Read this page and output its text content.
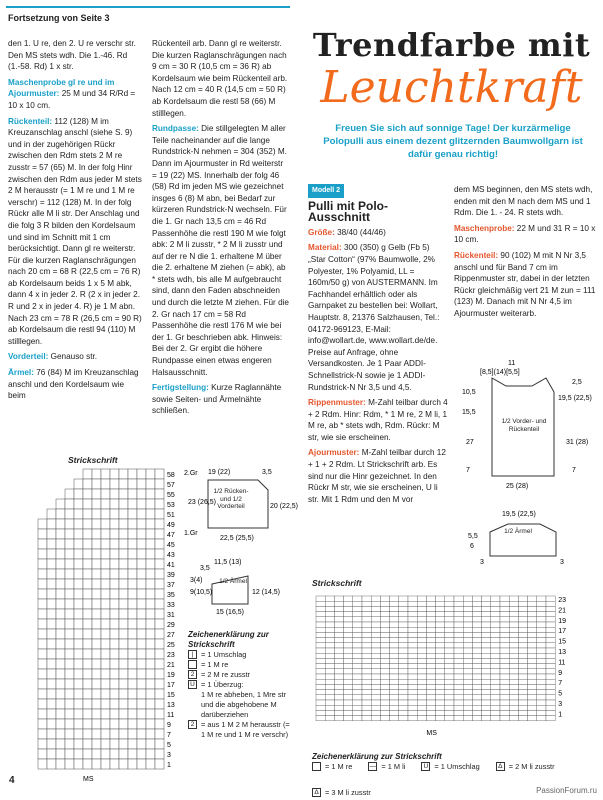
Fortsetzung von Seite 3

den 1. U re, den 2. U re verschr str. Den MS stets wdh. Die 1.-46. Rd (1.-58. Rd) 1 x str.

Maschenprobe gl re und im Ajourmuster: 25 M und 34 R/Rd = 10 x 10 cm.

Rückenteil: 112 (128) M im Kreuzanschlag anschl (siehe S. 9) und in der zugehörigen Rückr zwischen den Rdm stets 2 M re zusstr = 57 (65) M. In der folg Hinr zwischen den Rdm aus jeder M stets 2 M herausstr (= 1 M re und 1 M re verschr) = 112 (128) M. In der folg Rückr alle M li str. Der Anschlag und die folg 3 R bilden den Kordelsaum und sind im Schnitt mit 1 cm berücksichtigt. Dann gl re weiterstr. Für die kurzen Raglanschrägungen nach 20 cm = 68 R (22,5 cm = 76 R) ab Kordelsaum beids 1 x 5 M abk, dann 4 x in jeder 2. R (2 x in jeder 2. R und 2 x in jeder 4. R) je 1 M abn. Nach 23 cm = 78 R (26,5 cm = 90 R) ab Kordelsaum die restl 94 (110) M stilllegen.

Vorderteil: Genauso str.

Ärmel: 76 (84) M im Kreuzanschlag anschl und den Kordelsaum wie beim

Rückenteil arb. Dann gl re weiterstr. Die kurzen Raglanschrägungen nach 9 cm = 30 R (10,5 cm = 36 R) ab Kordelsaum wie beim Rückenteil arb. Nach 12 cm = 40 R (14,5 cm = 50 R) ab Kordelsaum die restl 58 (66) M stilllegen.

Rundpasse: Die stillgelegten M aller Teile nacheinander auf die lange Rundstrick-N nehmen = 304 (352) M. Dann im Ajourmuster in Rd weiterstr = 19 (22) MS. Innerhalb der folg 46 (58) Rd im jeden MS wie gezeichnet insges 6 (8) M abn, bei Bedarf zur kürzeren Rundstrick-N wechseln. Für die 1. Gr nach 13,5 cm = 46 Rd Passenhöhe die restl 190 M wie folgt abk: 2 M li zusstr, * 2 M li zusstr und auf der re N die 1. erhaltene M über die 2. erhaltene M ziehen (= abk), ab * stets wdh, bis alle M aufgebraucht sind, dann den Faden abschneiden und durch die letzte M ziehen. Für die 2. Gr nach 17 cm = 58 Rd Passenhöhe die restl 176 M wie bei der 1. Gr beschrieben abk. Hinweis: Bei der 2. Gr ergibt die höhere Rundpasse einen etwas engeren Halsausschnitt.

Fertigstellung: Kurze Raglannähte sowie Seiten- und Ärmelnähte schließen.

Strickschrift
58
57
55
53
51
49
47
45
43
41
39
37
35
33
31
29
27
25
23
21
19
17
15
13
11
9
7
5
3
1
2.Gr
1.Gr
MS
19 (22)	3,5
23 (26,5)
20 (22,5)
22,5 (25,5)
1/2 Rücken- und 1/2 Vorderteil
11,5 (13)
3,5
3(4)
9(10,5)	12 (14,5)
15 (16,5)
1/2 Ärmel
Zeichenerklärung zur Strickschrift
|	= 1 Umschlag
= 1 M re
2 = 2 M re zusstr
U = 1 Überzug:
1 M re abheben, 1 Mre str und die abgehobene M darüberziehen
2 = aus 1 M 2 M herausstr (= 1 M re und 1 M re verschr)
4
Trendfarbe mit
Leuchtkraft
Freuen Sie sich auf sonnige Tage! Der kurzärmelige Polopulli aus einem dezent glitzernden Baumwollgarn ist dafür genau richtig!
Modell 2
Pulli mit Polo-Ausschnitt

Größe: 38/40 (44/46)

Material: 300 (350) g Gelb (Fb 5) „Star Cotton“ (97% Baumwolle, 2% Polyester, 1% Polyamid, LL = 160m/50 g) von AUSTERMANN. Im Fachhandel erhältlich oder als Garnpaket zu bestellen bei: Wollart, Hauptstr. 8, 21376 Salzhausen, Tel.: 04172-969123, E-Mail: info@wollart.de, www.wollart.de/de. Preise auf Anfrage, ohne Versandkosten. Je 1 Paar ADDI-Schnellstrick-N sowie je 1 ADDI-Rundstrick-N Nr 3,5 und 4,5.

Rippenmuster: M-Zahl teilbar durch 4 + 2 Rdm. Hinr: Rdm, * 1 M re, 2 M li, 1 M re, ab * stets wdh, Rdm. Rückr: M str, wie sie erscheinen.

Ajourmuster: M-Zahl teilbar durch 12 + 1 + 2 Rdm. Lt Strickschrift arb. Es sind nur die Hinr gezeichnet. In den Rückr M str, wie sie erscheinen, U li str. Mit 1 Rdm und den M vor

dem MS beginnen, den MS stets wdh, enden mit den M nach dem MS und 1 Rdm. Die 1. - 24. R stets wdh.

Maschenprobe: 22 M und 31 R = 10 x 10 cm.

Rückenteil: 90 (102) M mit N Nr 3,5 anschl und für Band 7 cm im Rippenmuster str, dabei in der letzten Rückr gleichmäßig vert 21 M zun = 111 (123) M. Danach mit N Nr 4,5 im Ajourmuster weiterarb.

[8,5](14)[5,5]
11
2,5
10,5
15,5
27
19,5 (22,5)
31 (28)
7	7
25 (28)
1/2 Vorder- und Rückenteil
19,5 (22,5)
5,5
6
3	3
1/2 Ärmel
Strickschrift
23
21
19
17
15
13
11
9
7
5
3
1
MS
Zeichenerklärung zur Strickschrift
= 1 M re	— = 1 M li	U = 1 Umschlag	Δ = 2 M li zusstr
Δ = 3 M li zusstr	PassionForum.ru
